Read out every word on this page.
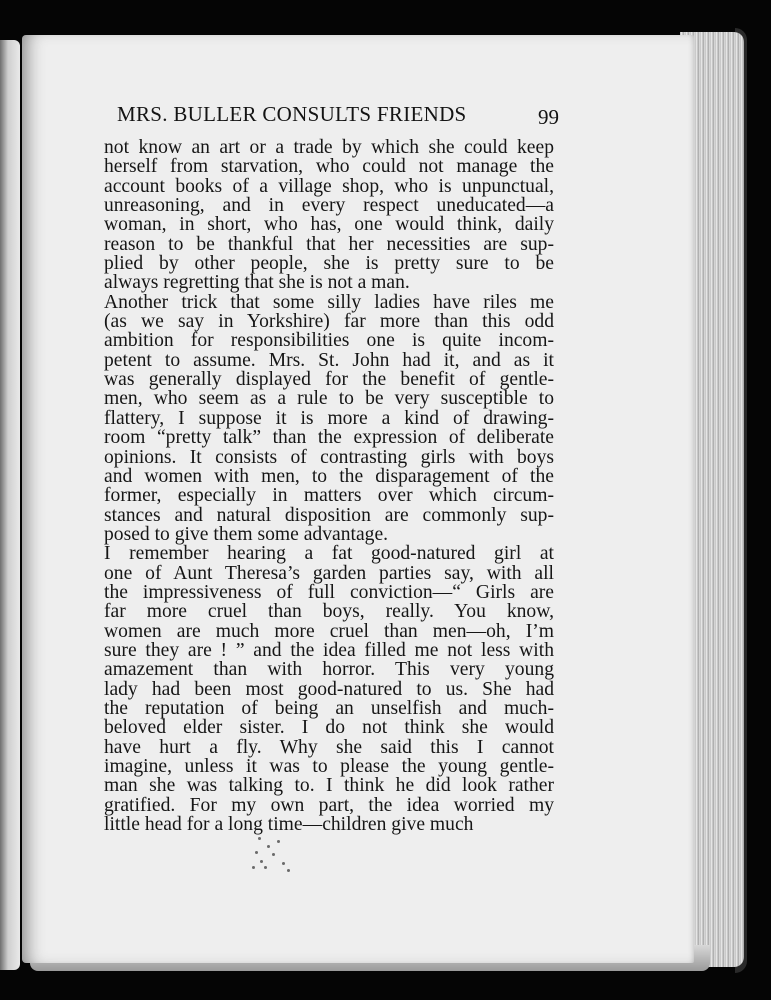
MRS. BULLER CONSULTS FRIENDS	99
not know an art or a trade by which she could keep
herself from starvation, who could not manage the
account books of a village shop, who is unpunctual,
unreasoning, and in every respect uneducated—a
woman, in short, who has, one would think, daily
reason to be thankful that her necessities are sup-
plied by other people, she is pretty sure to be
always regretting that she is not a man.
Another trick that some silly ladies have riles me
(as we say in Yorkshire) far more than this odd
ambition for responsibilities one is quite incom-
petent to assume. Mrs. St. John had it, and as it
was generally displayed for the benefit of gentle-
men, who seem as a rule to be very susceptible to
flattery, I suppose it is more a kind of drawing-
room “pretty talk” than the expression of deliberate
opinions. It consists of contrasting girls with boys
and women with men, to the disparagement of the
former, especially in matters over which circum-
stances and natural disposition are commonly sup-
posed to give them some advantage.
I remember hearing a fat good-natured girl at
one of Aunt Theresa’s garden parties say, with all
the impressiveness of full conviction—“ Girls are
far more cruel than boys, really. You know,
women are much more cruel than men—oh, I’m
sure they are ! ” and the idea filled me not less with
amazement than with horror. This very young
lady had been most good-natured to us. She had
the reputation of being an unselfish and much-
beloved elder sister. I do not think she would
have hurt a fly. Why she said this I cannot
imagine, unless it was to please the young gentle-
man she was talking to. I think he did look rather
gratified. For my own part, the idea worried my
little head for a long time—children give much
